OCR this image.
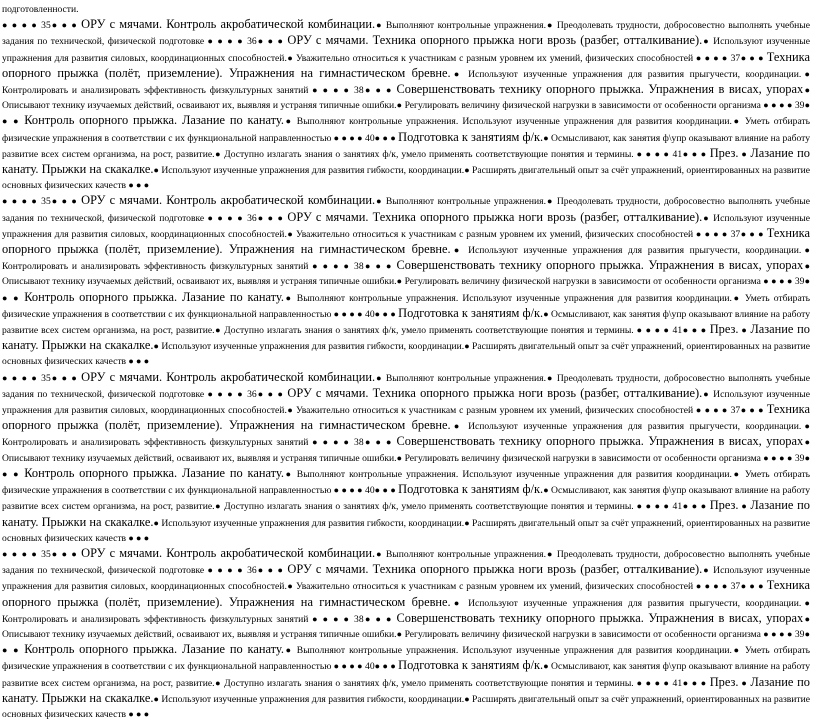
подготовленности.

● ● ● ● 35● ● ● ОРУ с мячами. Контроль акробатической комбинации.● Выполняют контрольные упражнения.● Преодолевать трудности, добросовестно выполнять учебные задания по технической, физической подготовке ● ● ● ● 36● ● ● ОРУ с мячами. Техника опорного прыжка ноги врозь (разбег, отталкивание).● Используют изученные упражнения для развития силовых, координационных способностей.● Уважительно относиться к участникам с разным уровнем их умений, физических способностей ● ● ● ● 37● ● ● Техника опорного прыжка (полёт, приземление). Упражнения на гимнастическом бревне.● Используют изученные упражнения для развития прыгучести, координации.● Контролировать и анализировать эффективность физкультурных занятий ● ● ● ● 38● ● ● Совершенствовать технику опорного прыжка. Упражнения в висах, упорах● Описывают технику изучаемых действий, осваивают их, выявляя и устраняя типичные ошибки.● Регулировать величину физической нагрузки в зависимости от особенности организма ● ● ● ● 39● ● ● Контроль опорного прыжка. Лазание по канату.● Выполняют контрольные упражнения. Используют изученные упражнения для развития координации.● Уметь отбирать физические упражнения в соответствии с их функциональной направленностью ● ● ● ● 40● ● ● Подготовка к занятиям ф/к.● Осмысливают, как занятия ф\упр оказывают влияние на работу развитие всех систем организма, на рост, развитие.● Доступно излагать знания о занятиях ф/к, умело применять соответствующие понятия и термины. ● ● ● ● 41● ● ● През. ● Лазание по канату. Прыжки на скакалке.● Используют изученные упражнения для развития гибкости, координации.● Расширять двигательный опыт за счёт упражнений, ориентированных на развитие основных физических качеств ● ● ●

● ● ● ● 35● ● ● ОРУ с мячами. Контроль акробатической комбинации.● Выполняют контрольные упражнения.● Преодолевать трудности, добросовестно выполнять учебные задания по технической, физической подготовке ● ● ● ● 36● ● ● ОРУ с мячами. Техника опорного прыжка ноги врозь (разбег, отталкивание).● Используют изученные упражнения для развития силовых, координационных способностей.● Уважительно относиться к участникам с разным уровнем их умений, физических способностей ● ● ● ● 37● ● ● Техника опорного прыжка (полёт, приземление). Упражнения на гимнастическом бревне.● Используют изученные упражнения для развития прыгучести, координации.● Контролировать и анализировать эффективность физкультурных занятий ● ● ● ● 38● ● ● Совершенствовать технику опорного прыжка. Упражнения в висах, упорах● Описывают технику изучаемых действий, осваивают их, выявляя и устраняя типичные ошибки.● Регулировать величину физической нагрузки в зависимости от особенности организма ● ● ● ● 39● ● ● Контроль опорного прыжка. Лазание по канату.● Выполняют контрольные упражнения. Используют изученные упражнения для развития координации.● Уметь отбирать физические упражнения в соответствии с их функциональной направленностью ● ● ● ● 40● ● ● Подготовка к занятиям ф/к.● Осмысливают, как занятия ф\упр оказывают влияние на работу развитие всех систем организма, на рост, развитие.● Доступно излагать знания о занятиях ф/к, умело применять соответствующие понятия и термины. ● ● ● ● 41● ● ● През. ● Лазание по канату. Прыжки на скакалке.● Используют изученные упражнения для развития гибкости, координации.● Расширять двигательный опыт за счёт упражнений, ориентированных на развитие основных физических качеств ● ● ●

● ● ● ● 35● ● ● ОРУ с мячами. Контроль акробатической комбинации.● Выполняют контрольные упражнения.● Преодолевать трудности, добросовестно выполнять учебные задания по технической, физической подготовке ● ● ● ● 36● ● ● ОРУ с мячами. Техника опорного прыжка ноги врозь (разбег, отталкивание).● Используют изученные упражнения для развития силовых, координационных способностей.● Уважительно относиться к участникам с разным уровнем их умений, физических способностей ● ● ● ● 37● ● ● Техника опорного прыжка (полёт, приземление). Упражнения на гимнастическом бревне.● Используют изученные упражнения для развития прыгучести, координации.● Контролировать и анализировать эффективность физкультурных занятий ● ● ● ● 38● ● ● Совершенствовать технику опорного прыжка. Упражнения в висах, упорах● Описывают технику изучаемых действий, осваивают их, выявляя и устраняя типичные ошибки.● Регулировать величину физической нагрузки в зависимости от особенности организма ● ● ● ● 39● ● ● Контроль опорного прыжка. Лазание по канату.● Выполняют контрольные упражнения. Используют изученные упражнения для развития координации.● Уметь отбирать физические упражнения в соответствии с их функциональной направленностью ● ● ● ● 40● ● ● Подготовка к занятиям ф/к.● Осмысливают, как занятия ф\упр оказывают влияние на работу развитие всех систем организма, на рост, развитие.● Доступно излагать знания о занятиях ф/к, умело применять соответствующие понятия и термины. ● ● ● ● 41● ● ● През. ● Лазание по канату. Прыжки на скакалке.● Используют изученные упражнения для развития гибкости, координации.● Расширять двигательный опыт за счёт упражнений, ориентированных на развитие основных физических качеств ● ● ●

● ● ● ● 35● ● ● ОРУ с мячами. Контроль акробатической комбинации.● Выполняют контрольные упражнения.● Преодолевать трудности, добросовестно выполнять учебные задания по технической, физической подготовке ● ● ● ● 36● ● ● ОРУ с мячами. Техника опорного прыжка ноги врозь (разбег, отталкивание).● Используют изученные упражнения для развития силовых, координационных способностей.● Уважительно относиться к участникам с разным уровнем их умений, физических способностей ● ● ● ● 37● ● ● Техника опорного прыжка (полёт, приземление). Упражнения на гимнастическом бревне.● Используют изученные упражнения для развития прыгучести, координации.● Контролировать и анализировать эффективность физкультурных занятий ● ● ● ● 38● ● ● Совершенствовать технику опорного прыжка. Упражнения в висах, упорах● Описывают технику изучаемых действий, осваивают их, выявляя и устраняя типичные ошибки.● Регулировать величину физической нагрузки в зависимости от особенности организма ● ● ● ● 39● ● ● Контроль опорного прыжка. Лазание по канату.● Выполняют контрольные упражнения. Используют изученные упражнения для развития координации.● Уметь отбирать физические упражнения в соответствии с их функциональной направленностью ● ● ● ● 40● ● ● Подготовка к занятиям ф/к.● Осмысливают, как занятия ф\упр оказывают влияние на работу развитие всех систем организма, на рост, развитие.● Доступно излагать знания о занятиях ф/к, умело применять соответствующие понятия и термины. ● ● ● ● 41● ● ● През. ● Лазание по канату. Прыжки на скакалке.● Используют изученные упражнения для развития гибкости, координации.● Расширять двигательный опыт за счёт упражнений, ориентированных на развитие основных физических качеств ● ● ●
